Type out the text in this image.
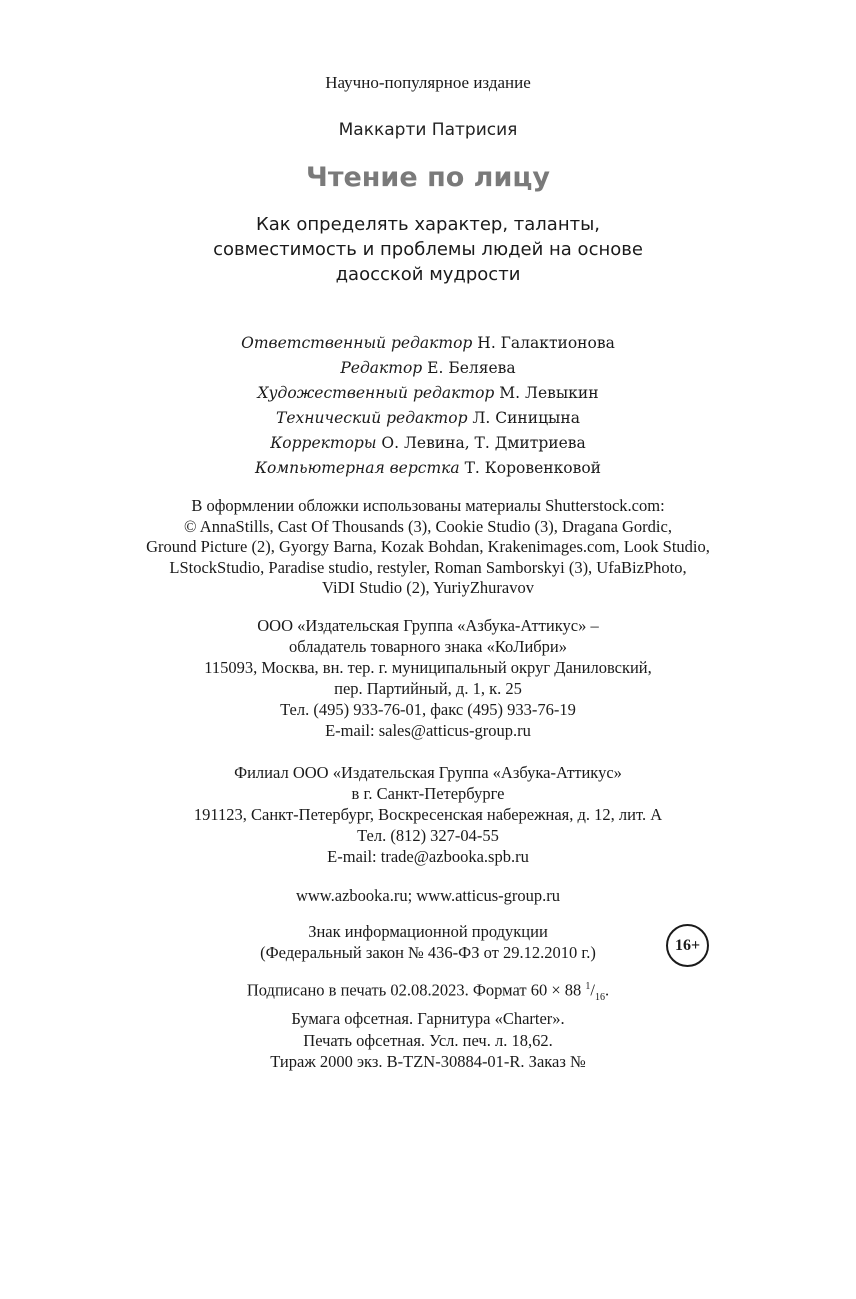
Научно-популярное издание
Маккарти Патрисия
Чтение по лицу
Как определять характер, таланты,
совместимость и проблемы людей на основе
даосской мудрости
Ответственный редактор Н. Галактионова
Редактор Е. Беляева
Художественный редактор М. Левыкин
Технический редактор Л. Синицына
Корректоры О. Левина, Т. Дмитриева
Компьютерная верстка Т. Коровенковой
В оформлении обложки использованы материалы Shutterstock.com:
© AnnaStills, Cast Of Thousands (3), Cookie Studio (3), Dragana Gordic,
Ground Picture (2), Gyorgy Barna, Kozak Bohdan, Krakenimages.com, Look Studio,
LStockStudio, Paradise studio, restyler, Roman Samborskyi (3), UfaBizPhoto,
ViDI Studio (2), YuriyZhuravov
ООО «Издательская Группа «Азбука-Аттикус» –
обладатель товарного знака «КоЛибри»
115093, Москва, вн. тер. г. муниципальный округ Даниловский,
пер. Партийный, д. 1, к. 25
Тел. (495) 933-76-01, факс (495) 933-76-19
E-mail: sales@atticus-group.ru
Филиал ООО «Издательская Группа «Азбука-Аттикус»
в г. Санкт-Петербурге
191123, Санкт-Петербург, Воскресенская набережная, д. 12, лит. А
Тел. (812) 327-04-55
E-mail: trade@azbooka.spb.ru
www.azbooka.ru; www.atticus-group.ru
Знак информационной продукции
(Федеральный закон № 436-ФЗ от 29.12.2010 г.)	16+
Подписано в печать 02.08.2023. Формат 60 × 88 $^1/_{16}$.
Бумага офсетная. Гарнитура «Charter».
Печать офсетная. Усл. печ. л. 18,62.
Тираж 2000 экз. B-TZN-30884-01-R. Заказ №
